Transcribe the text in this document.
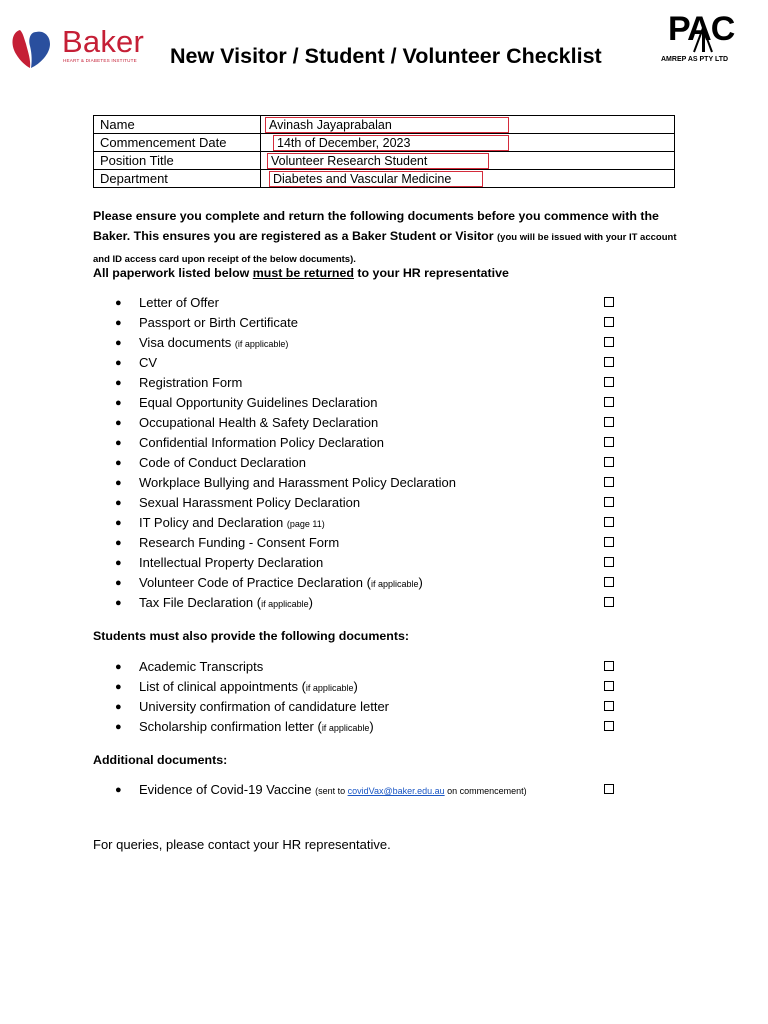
Baker
HEART & DIABETES INSTITUTE New Visitor / Student / Volunteer Checklist
PAC
AMREP AS PTY LTD
Name	Avinash Jayaprabalan

Commencement Date	14th of December, 2023

Position Title	Volunteer Research Student

Department	Diabetes and Vascular Medicine
Please ensure you complete and return the following documents before you commence with the Baker. This ensures you are registered as a Baker Student or Visitor (you will be issued with your IT account and ID access card upon receipt of the below documents).
All paperwork listed below must be returned to your HR representative
● Letter of Offer
● Passport or Birth Certificate
● Visa documents (if applicable)
● CV
● Registration Form
● Equal Opportunity Guidelines Declaration
● Occupational Health & Safety Declaration
● Confidential Information Policy Declaration
● Code of Conduct Declaration
● Workplace Bullying and Harassment Policy Declaration
● Sexual Harassment Policy Declaration
● IT Policy and Declaration (page 11)
● Research Funding - Consent Form
● Intellectual Property Declaration
● Volunteer Code of Practice Declaration (if applicable)
● Tax File Declaration (if applicable)
Students must also provide the following documents:
● Academic Transcripts
● List of clinical appointments (if applicable)
● University confirmation of candidature letter
● Scholarship confirmation letter (if applicable)
Additional documents:
● Evidence of Covid-19 Vaccine (sent to covidVax@baker.edu.au on commencement)
For queries, please contact your HR representative.
